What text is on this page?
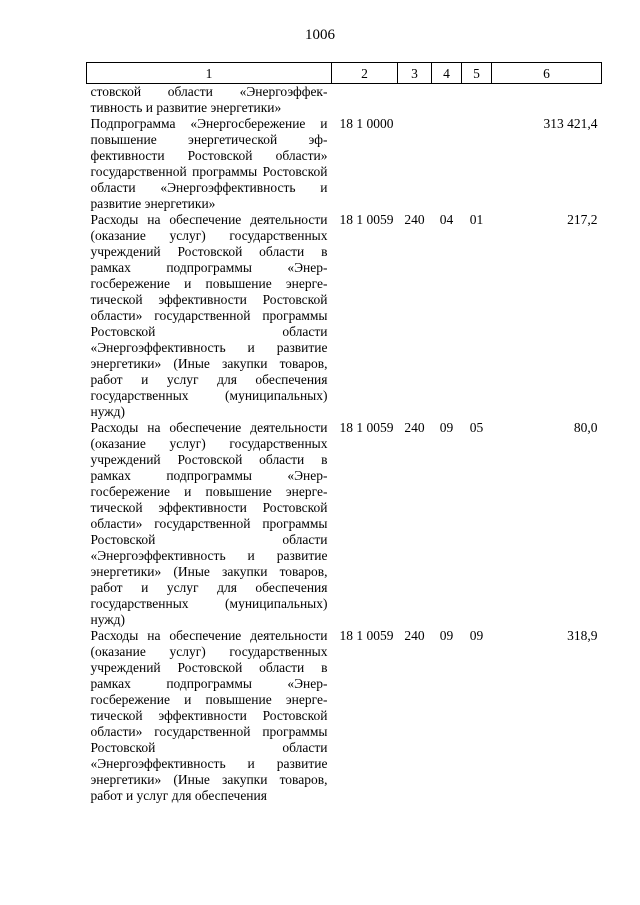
1006
1	2	3	4	5	6
стовской области «Энергоэффективность и развитие энергетики»					
Подпрограмма «Энергосбережение и повышение энергетической эффективности Ростовской области» государственной программы Ростовской области «Энергоэффективность и развитие энергетики»	18 1 0000				313 421,4
Расходы на обеспечение деятельности (оказание услуг) государственных учреждений Ростовской области в рамках подпрограммы «Энергосбережение и повышение энергетической эффективности Ростовской области» государственной программы Ростовской области «Энергоэффективность и развитие энергетики» (Иные закупки товаров, работ и услуг для обеспечения государственных (муниципальных) нужд)	18 1 0059	240	04	01	217,2
Расходы на обеспечение деятельности (оказание услуг) государственных учреждений Ростовской области в рамках подпрограммы «Энергосбережение и повышение энергетической эффективности Ростовской области» государственной программы Ростовской области «Энергоэффективность и развитие энергетики» (Иные закупки товаров, работ и услуг для обеспечения государственных (муниципальных) нужд)	18 1 0059	240	09	05	80,0
Расходы на обеспечение деятельности (оказание услуг) государственных учреждений Ростовской области в рамках подпрограммы «Энергосбережение и повышение энергетической эффективности Ростовской области» государственной программы Ростовской области «Энергоэффективность и развитие энергетики» (Иные закупки товаров, работ и услуг для обеспечения	18 1 0059	240	09	09	318,9
